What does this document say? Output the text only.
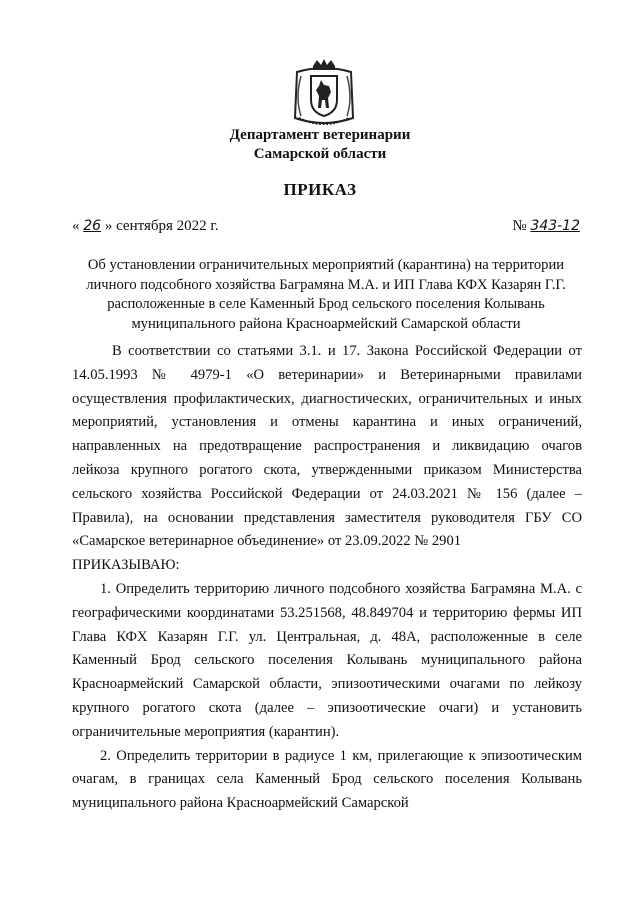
Департамент ветеринарии
Самарской области
ПРИКАЗ
« 26 » сентября 2022 г.	№ 343-12
Об установлении ограничительных мероприятий (карантина) на территории
личного подсобного хозяйства Баграмяна М.А. и ИП Глава КФХ Казарян Г.Г.
расположенные в селе Каменный Брод сельского поселения Колывань
муниципального района Красноармейский Самарской области

В соответствии со статьями 3.1. и 17. Закона Российской Федерации от 14.05.1993 № 4979-1 «О ветеринарии» и Ветеринарными правилами осуществления профилактических, диагностических, ограничительных и иных мероприятий, установления и отмены карантина и иных ограничений, направленных на предотвращение распространения и ликвидацию очагов лейкоза крупного рогатого скота, утвержденными приказом Министерства сельского хозяйства Российской Федерации от 24.03.2021 № 156 (далее – Правила), на основании представления заместителя руководителя ГБУ СО «Самарское ветеринарное объединение» от 23.09.2022 № 2901

ПРИКАЗЫВАЮ:

1. Определить территорию личного подсобного хозяйства Баграмяна М.А. с географическими координатами 53.251568, 48.849704 и территорию фермы ИП Глава КФХ Казарян Г.Г. ул. Центральная, д. 48А, расположенные в селе Каменный Брод сельского поселения Колывань муниципального района Красноармейский Самарской области, эпизоотическими очагами по лейкозу крупного рогатого скота (далее – эпизоотические очаги) и установить ограничительные мероприятия (карантин).

2. Определить территории в радиусе 1 км, прилегающие к эпизоотическим очагам, в границах села Каменный Брод сельского поселения Колывань муниципального района Красноармейский Самарской
